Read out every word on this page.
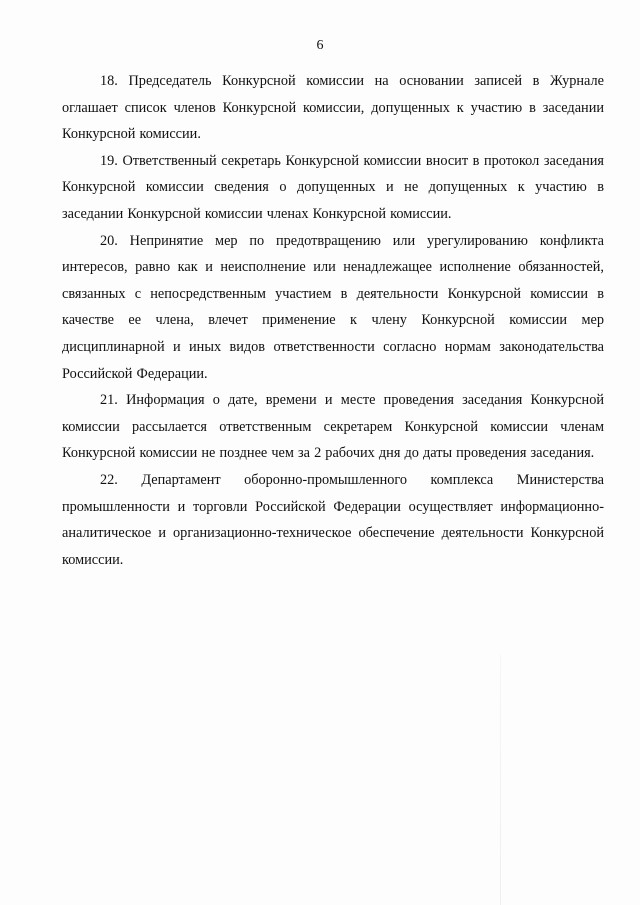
6

18. Председатель Конкурсной комиссии на основании записей в Журнале оглашает список членов Конкурсной комиссии, допущенных к участию в заседании Конкурсной комиссии.

19. Ответственный секретарь Конкурсной комиссии вносит в протокол заседания Конкурсной комиссии сведения о допущенных и не допущенных к участию в заседании Конкурсной комиссии членах Конкурсной комиссии.

20. Непринятие мер по предотвращению или урегулированию конфликта интересов, равно как и неисполнение или ненадлежащее исполнение обязанностей, связанных с непосредственным участием в деятельности Конкурсной комиссии в качестве ее члена, влечет применение к члену Конкурсной комиссии мер дисциплинарной и иных видов ответственности согласно нормам законодательства Российской Федерации.

21. Информация о дате, времени и месте проведения заседания Конкурсной комиссии рассылается ответственным секретарем Конкурсной комиссии членам Конкурсной комиссии не позднее чем за 2 рабочих дня до даты проведения заседания.

22. Департамент оборонно-промышленного комплекса Министерства промышленности и торговли Российской Федерации осуществляет информационно-аналитическое и организационно-техническое обеспечение деятельности Конкурсной комиссии.
